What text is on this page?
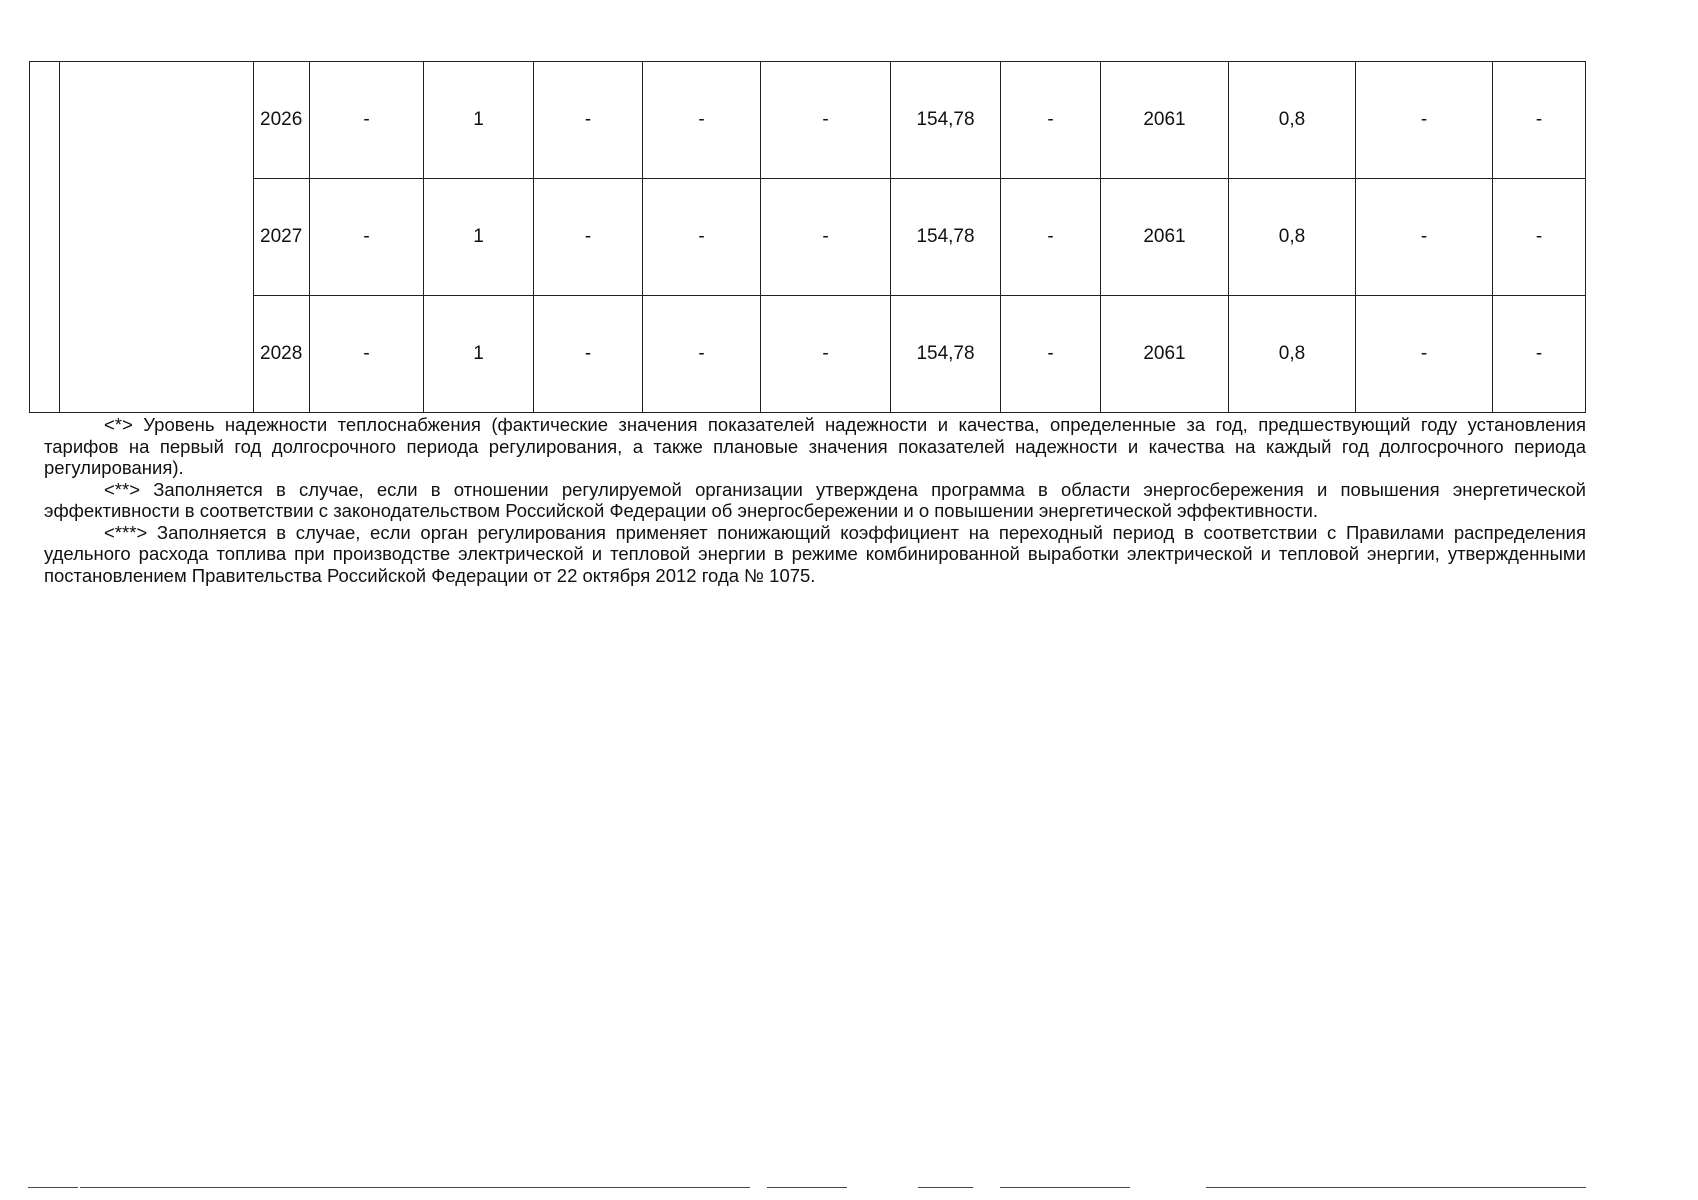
		2026	-	1	-	-	-	154,78	-	2061	0,8	-	-
		2027	-	1	-	-	-	154,78	-	2061	0,8	-	-
		2028	-	1	-	-	-	154,78	-	2061	0,8	-	-

<*> Уровень надежности теплоснабжения (фактические значения показателей надежности и качества, определенные за год, предшествующий году установления тарифов на первый год долгосрочного периода регулирования, а также плановые значения показателей надежности и качества на каждый год долгосрочного периода регулирования).

<**> Заполняется в случае, если в отношении регулируемой организации утверждена программа в области энергосбережения и повышения энергетической эффективности в соответствии с законодательством Российской Федерации об энергосбережении и о повышении энергетической эффективности.

<***> Заполняется в случае, если орган регулирования применяет понижающий коэффициент на переходный период в соответствии с Правилами распределения удельного расхода топлива при производстве электрической и тепловой энергии в режиме комбинированной выработки электрической и тепловой энергии, утвержденными постановлением Правительства Российской Федерации от 22 октября 2012 года № 1075.
